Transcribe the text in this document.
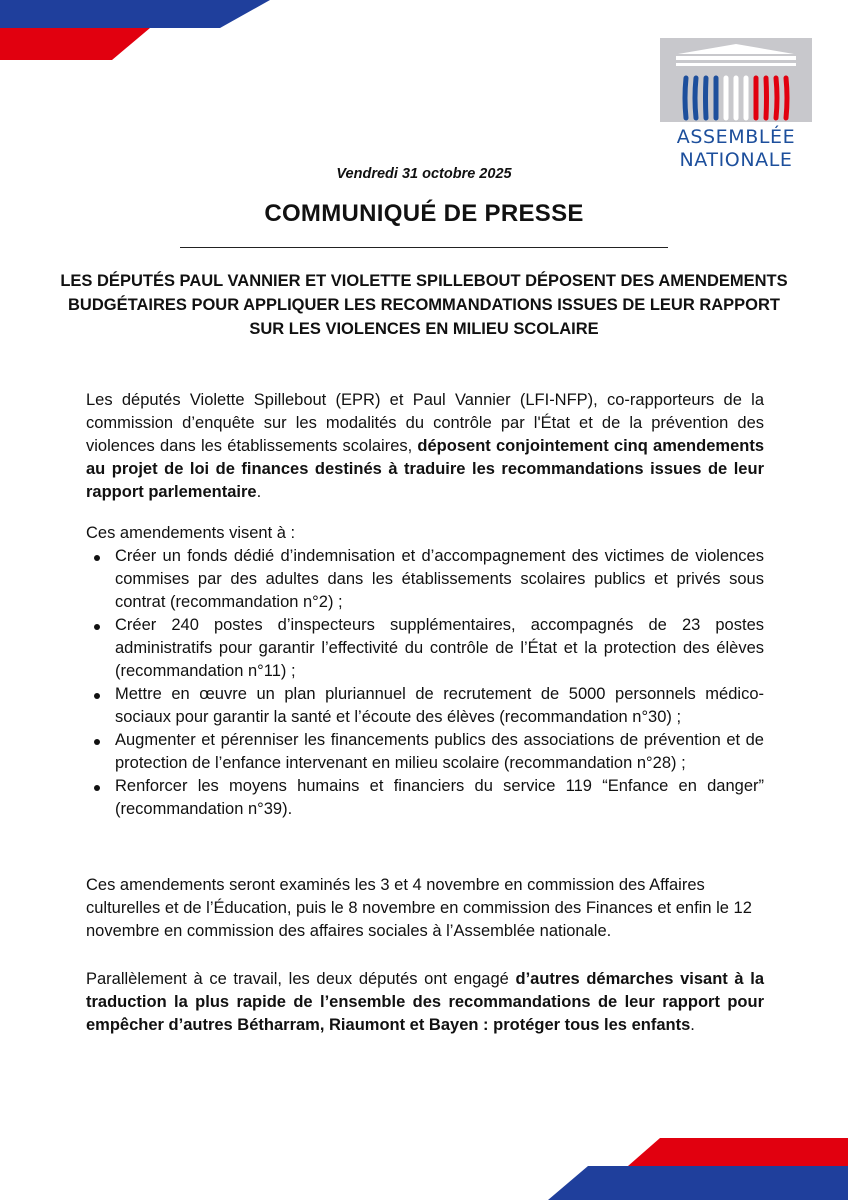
ASSEMBLÉE
NATIONALE
Vendredi 31 octobre 2025
COMMUNIQUÉ DE PRESSE
LES DÉPUTÉS PAUL VANNIER ET VIOLETTE SPILLEBOUT DÉPOSENT DES AMENDEMENTS BUDGÉTAIRES POUR APPLIQUER LES RECOMMANDATIONS ISSUES DE LEUR RAPPORT SUR LES VIOLENCES EN MILIEU SCOLAIRE
Les députés Violette Spillebout (EPR) et Paul Vannier (LFI-NFP), co-rapporteurs de la commission d’enquête sur les modalités du contrôle par l'État et de la prévention des violences dans les établissements scolaires, déposent conjointement cinq amendements au projet de loi de finances destinés à traduire les recommandations issues de leur rapport parlementaire.
Ces amendements visent à :
Créer un fonds dédié d’indemnisation et d’accompagnement des victimes de violences commises par des adultes dans les établissements scolaires publics et privés sous contrat (recommandation n°2) ;
Créer 240 postes d’inspecteurs supplémentaires, accompagnés de 23 postes administratifs pour garantir l’effectivité du contrôle de l’État et la protection des élèves (recommandation n°11) ;
Mettre en œuvre un plan pluriannuel de recrutement de 5000 personnels médico-sociaux pour garantir la santé et l’écoute des élèves (recommandation n°30) ;
Augmenter et pérenniser les financements publics des associations de prévention et de protection de l’enfance intervenant en milieu scolaire (recommandation n°28) ;
Renforcer les moyens humains et financiers du service 119 “Enfance en danger” (recommandation n°39).
Ces amendements seront examinés les 3 et 4 novembre en commission des Affaires culturelles et de l’Éducation, puis le 8 novembre en commission des Finances et enfin le 12 novembre en commission des affaires sociales à l’Assemblée nationale.
Parallèlement à ce travail, les deux députés ont engagé d’autres démarches visant à la traduction la plus rapide de l’ensemble des recommandations de leur rapport pour empêcher d’autres Bétharram, Riaumont et Bayen : protéger tous les enfants.
